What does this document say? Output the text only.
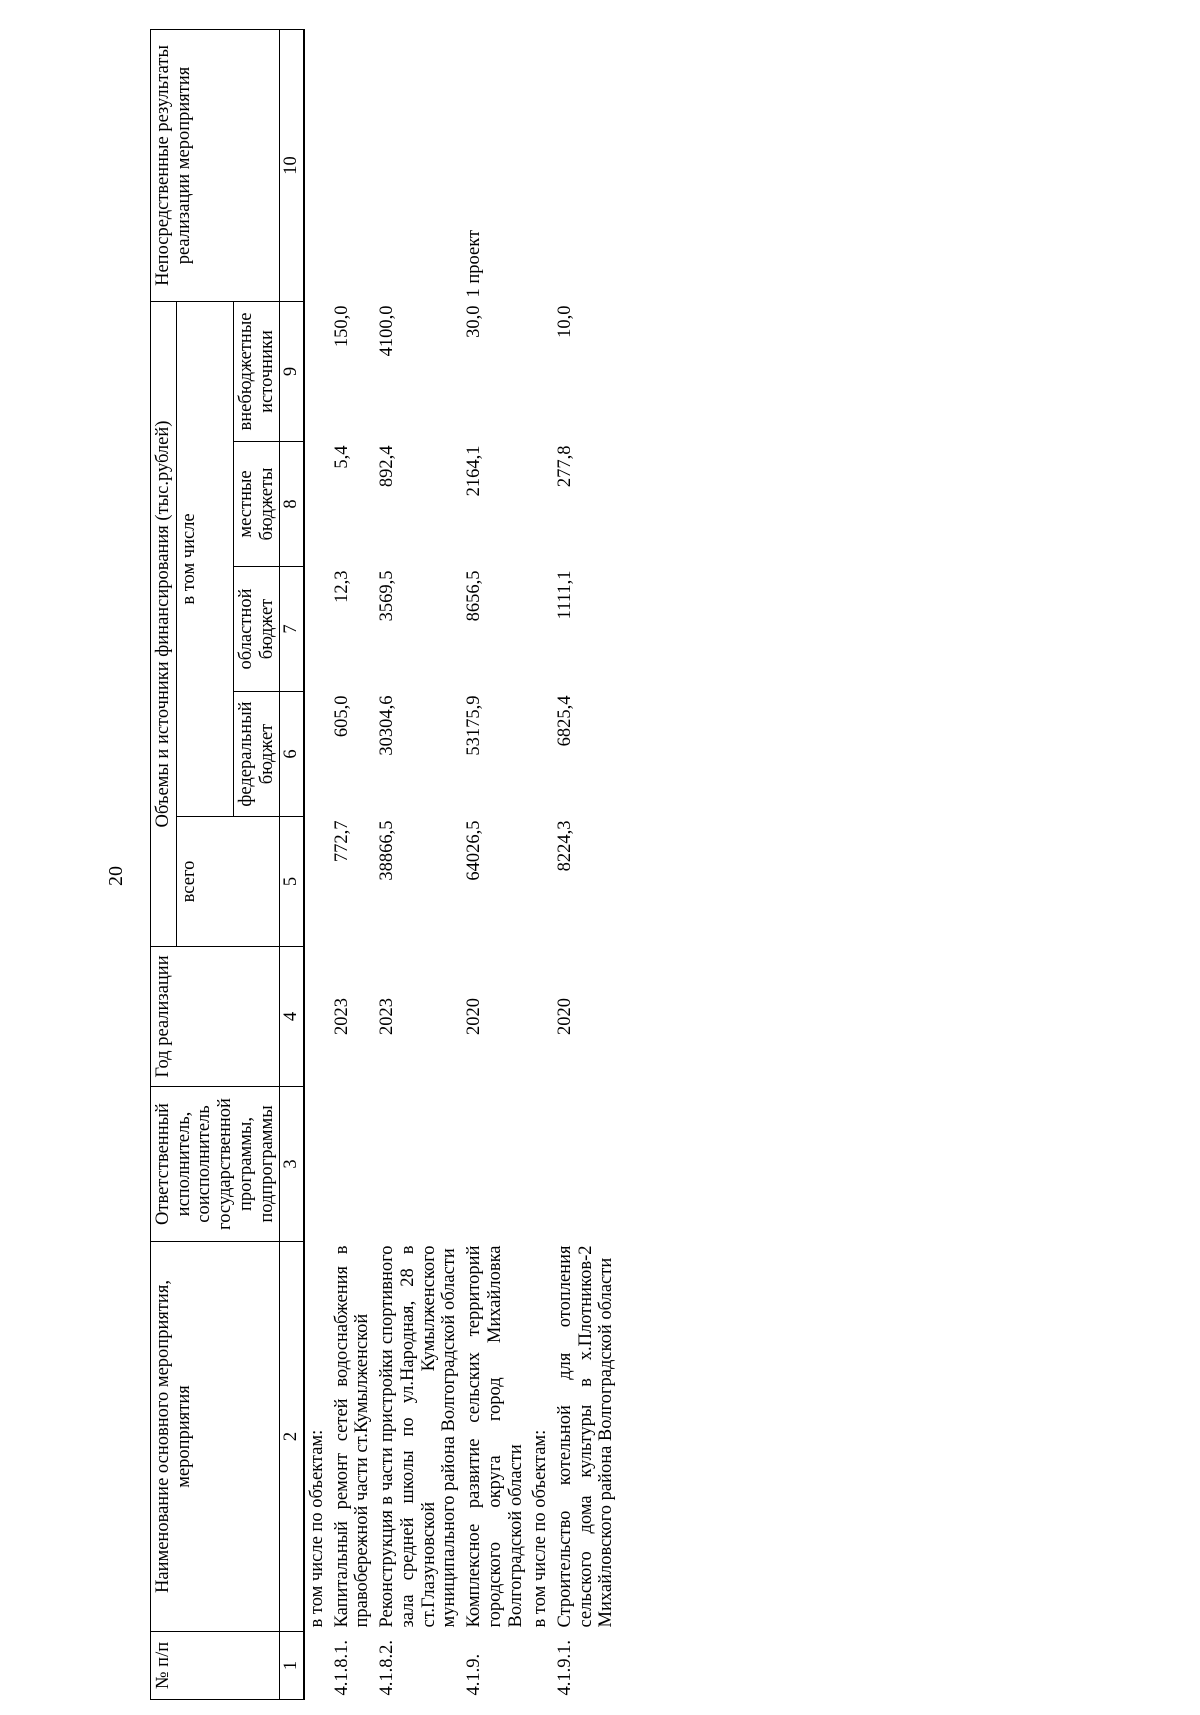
20
№ п/п	Наименование основного мероприятия, мероприятия	Ответственный исполнитель, соисполнитель государственной программы, подпрограммы	Год реализации	Объемы и источники финансирования (тыс.рублей)					Непосредственные результаты реализации мероприятия
				всего	в том числе				
					федеральный бюджет	областной бюджет	местные бюджеты	внебюджетные источники	
1	2	3	4	5	6	7	8	9	10
	в том числе по объектам:								
4.1.8.1.	Капитальный ремонт сетей водоснабжения в правобережной части ст.Кумылженской		2023	772,7	605,0	12,3	5,4	150,0	
4.1.8.2.	Реконструкция в части пристройки спортивного зала средней школы по ул.Народная, 28 в ст.Глазуновской Кумылженского муниципального района Волгоградской области		2023	38866,5	30304,6	3569,5	892,4	4100,0	
4.1.9.	Комплексное развитие сельских территорий городского округа город Михайловка Волгоградской области		2020	64026,5	53175,9	8656,5	2164,1	30,0	1 проект
	в том числе по объектам:								
4.1.9.1.	Строительство котельной для отопления сельского дома культуры в х.Плотников-2 Михайловского района Волгоградской области		2020	8224,3	6825,4	1111,1	277,8	10,0	
